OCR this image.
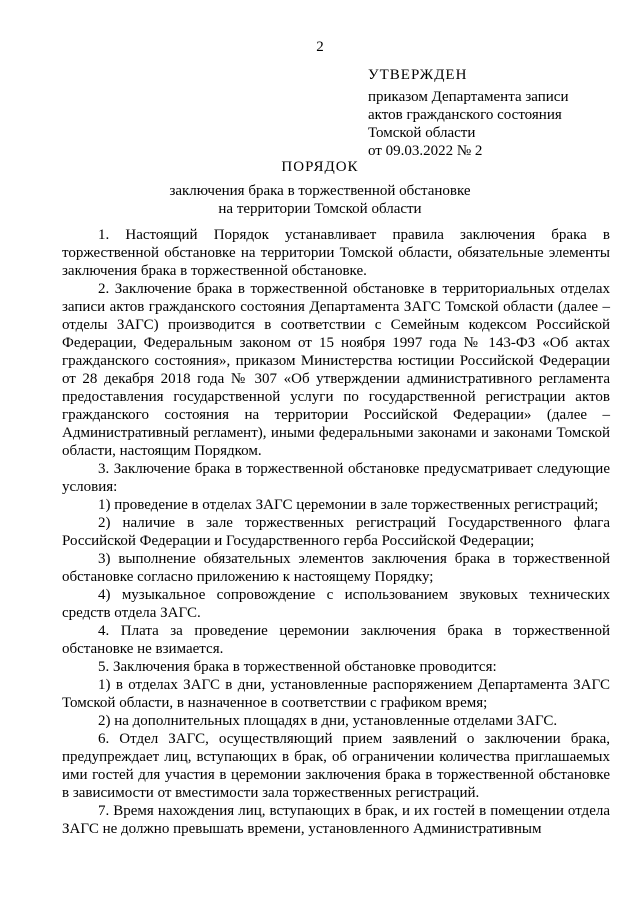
2
УТВЕРЖДЕН
приказом Департамента записи
актов гражданского состояния
Томской области
от 09.03.2022 № 2
ПОРЯДОК
заключения брака в торжественной обстановке
на территории Томской области

1. Настоящий Порядок устанавливает правила заключения брака в торжественной обстановке на территории Томской области, обязательные элементы заключения брака в торжественной обстановке.

2. Заключение брака в торжественной обстановке в территориальных отделах записи актов гражданского состояния Департамента ЗАГС Томской области (далее – отделы ЗАГС) производится в соответствии с Семейным кодексом Российской Федерации, Федеральным законом от 15 ноября 1997 года № 143-ФЗ «Об актах гражданского состояния», приказом Министерства юстиции Российской Федерации от 28 декабря 2018 года № 307 «Об утверждении административного регламента предоставления государственной услуги по государственной регистрации актов гражданского состояния на территории Российской Федерации» (далее – Административный регламент), иными федеральными законами и законами Томской области, настоящим Порядком.

3. Заключение брака в торжественной обстановке предусматривает следующие условия:

1) проведение в отделах ЗАГС церемонии в зале торжественных регистраций;

2) наличие в зале торжественных регистраций Государственного флага Российской Федерации и Государственного герба Российской Федерации;

3) выполнение обязательных элементов заключения брака в торжественной обстановке согласно приложению к настоящему Порядку;

4) музыкальное сопровождение с использованием звуковых технических средств отдела ЗАГС.

4. Плата за проведение церемонии заключения брака в торжественной обстановке не взимается.

5. Заключения брака в торжественной обстановке проводится:

1) в отделах ЗАГС в дни, установленные распоряжением Департамента ЗАГС Томской области, в назначенное в соответствии с графиком время;

2) на дополнительных площадях в дни, установленные отделами ЗАГС.

6. Отдел ЗАГС, осуществляющий прием заявлений о заключении брака, предупреждает лиц, вступающих в брак, об ограничении количества приглашаемых ими гостей для участия в церемонии заключения брака в торжественной обстановке в зависимости от вместимости зала торжественных регистраций.

7. Время нахождения лиц, вступающих в брак, и их гостей в помещении отдела ЗАГС не должно превышать времени, установленного Административным
